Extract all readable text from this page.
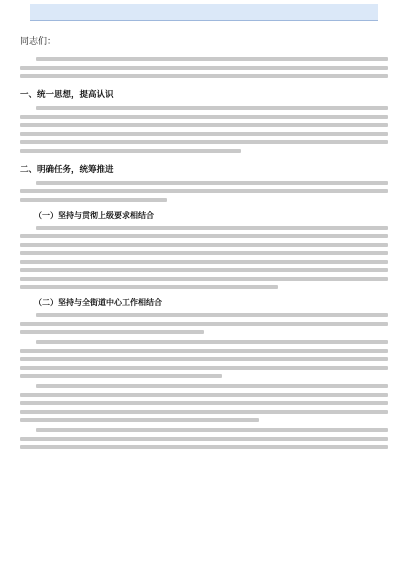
同志们：
一、统一思想，提高认识
二、明确任务，统筹推进
（一）坚持与贯彻上级要求相结合
（二）坚持与全街道中心工作相结合
